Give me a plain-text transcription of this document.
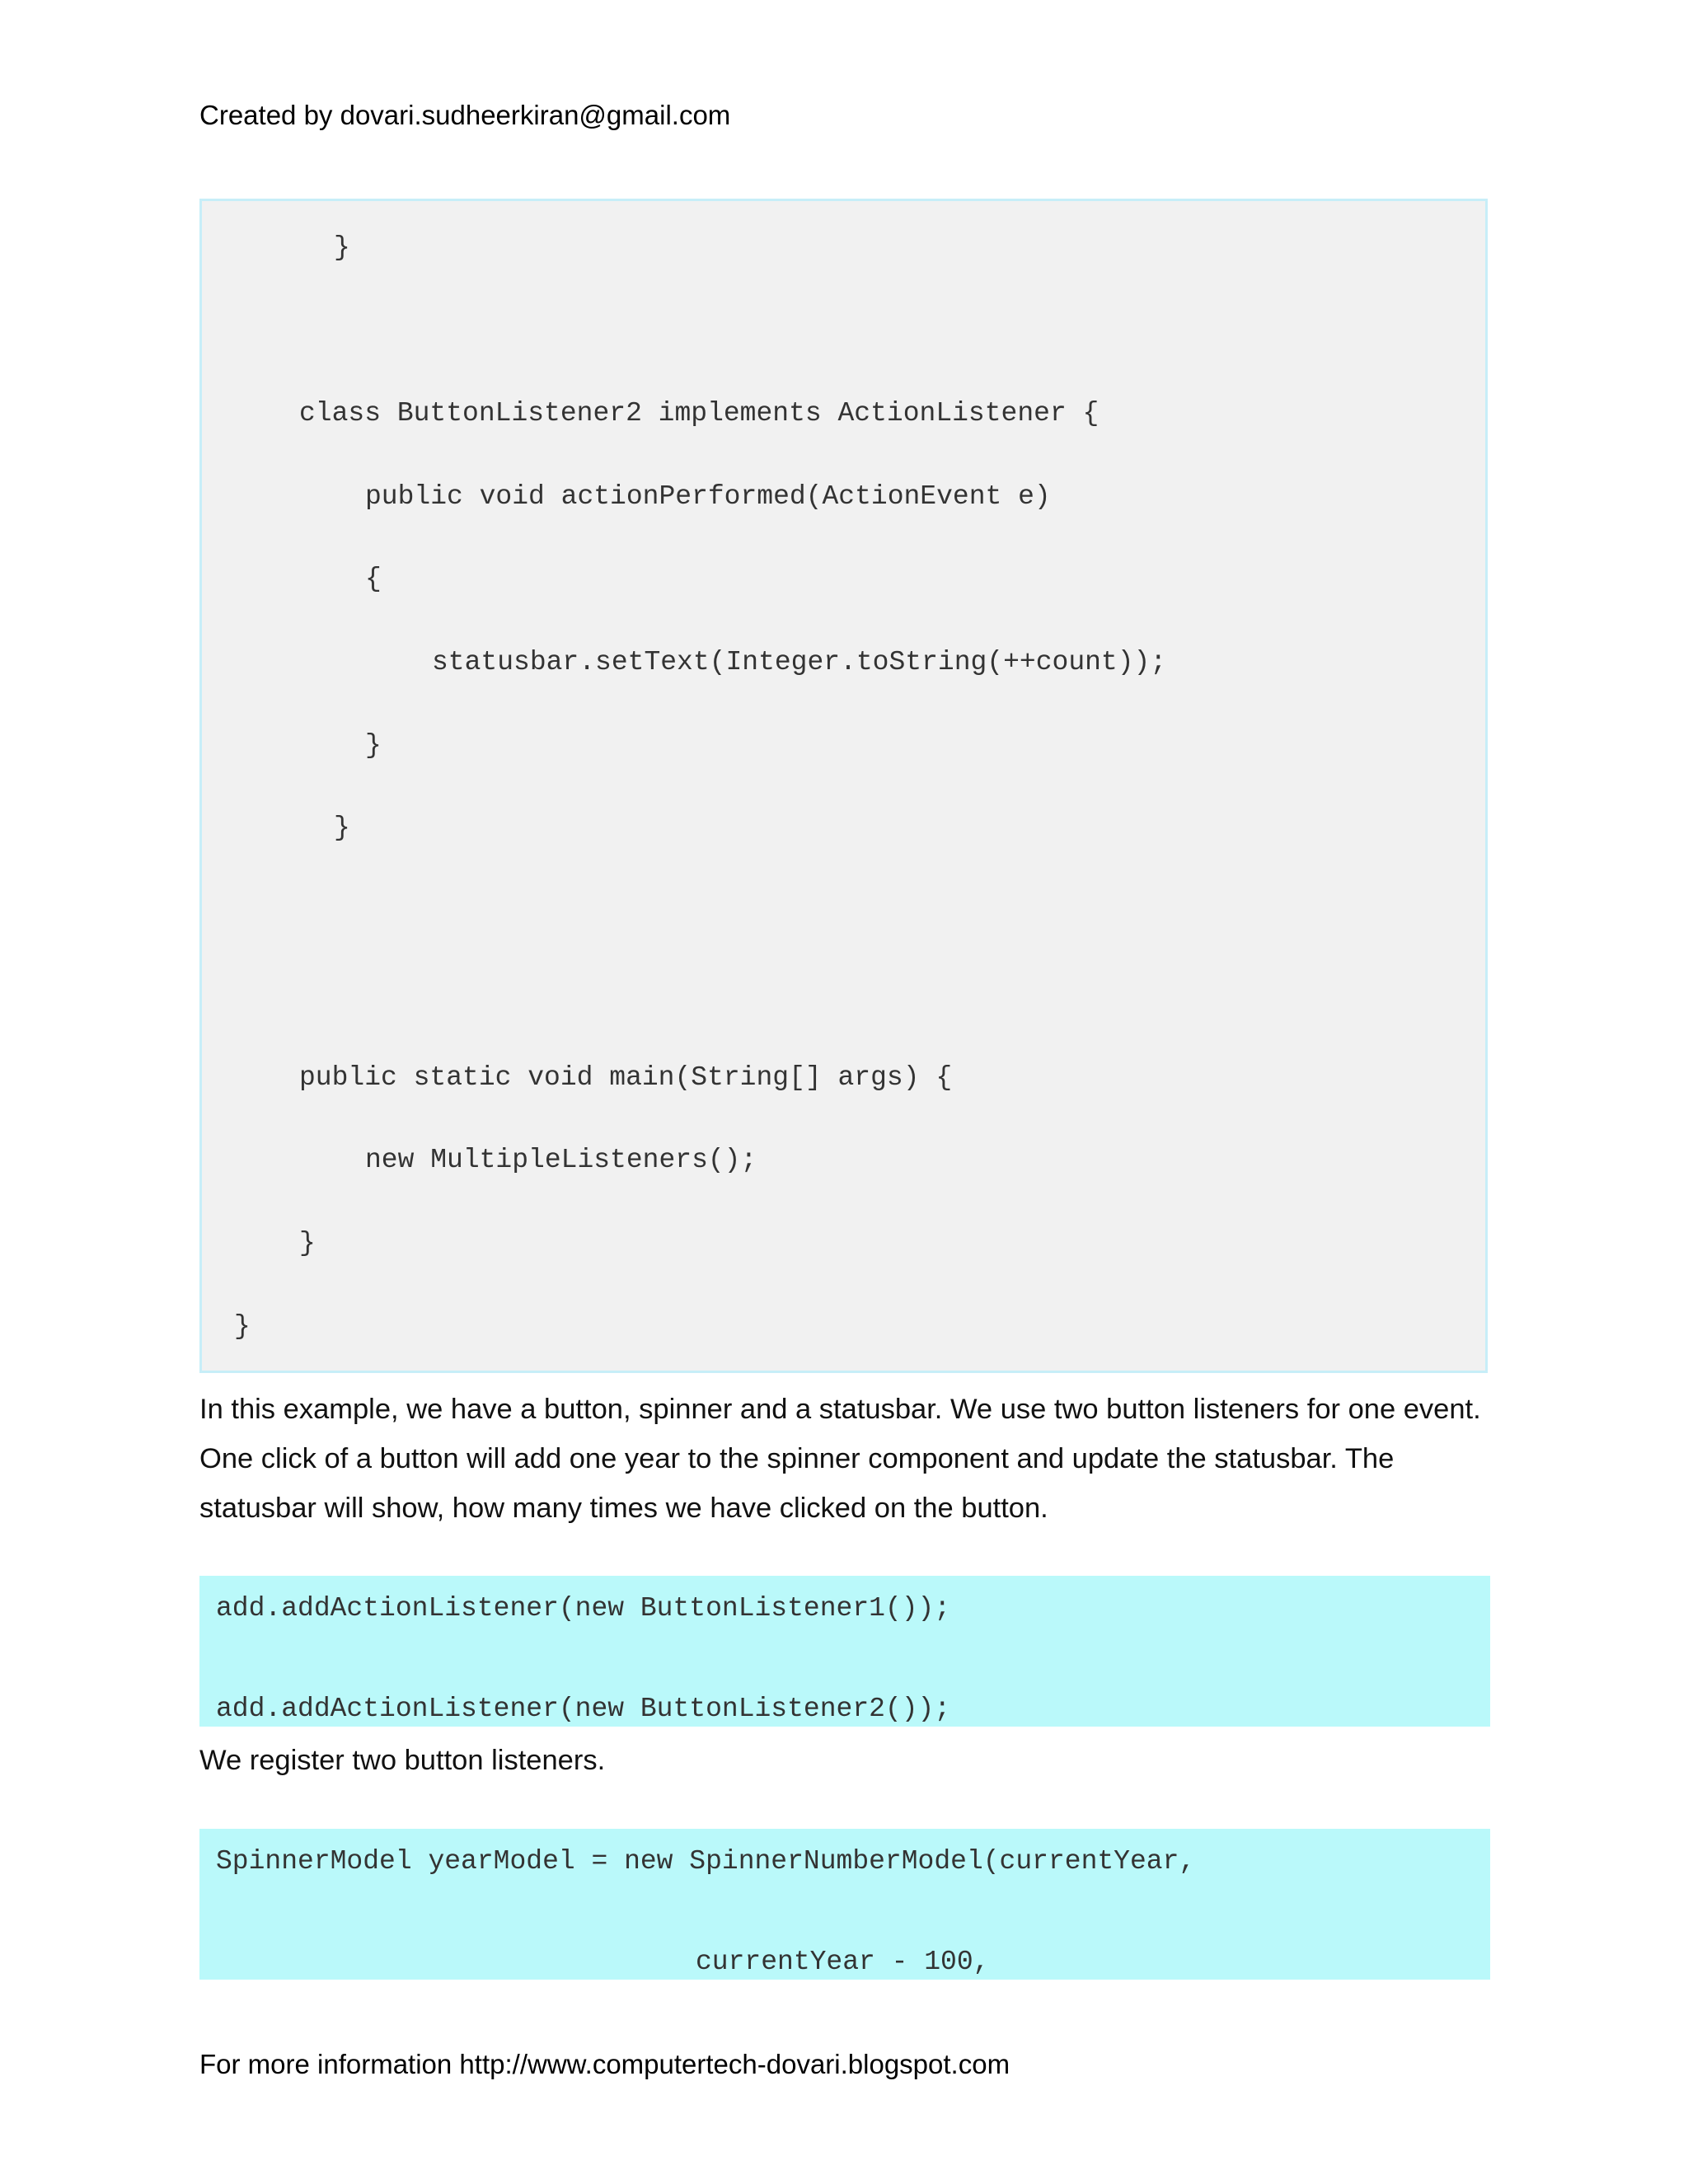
Created by dovari.sudheerkiran@gmail.com
}
class ButtonListener2 implements ActionListener {
public void actionPerformed(ActionEvent e)
{
statusbar.setText(Integer.toString(++count));
}
}
public static void main(String[] args) {
new MultipleListeners();
}
}
In this example, we have a button, spinner and a statusbar. We use two button listeners for one event. One click of a button will add one year to the spinner component and update the statusbar. The statusbar will show, how many times we have clicked on the button.
add.addActionListener(new ButtonListener1());
add.addActionListener(new ButtonListener2());
We register two button listeners.
SpinnerModel yearModel = new SpinnerNumberModel(currentYear,
currentYear - 100,
For more information http://www.computertech-dovari.blogspot.com
